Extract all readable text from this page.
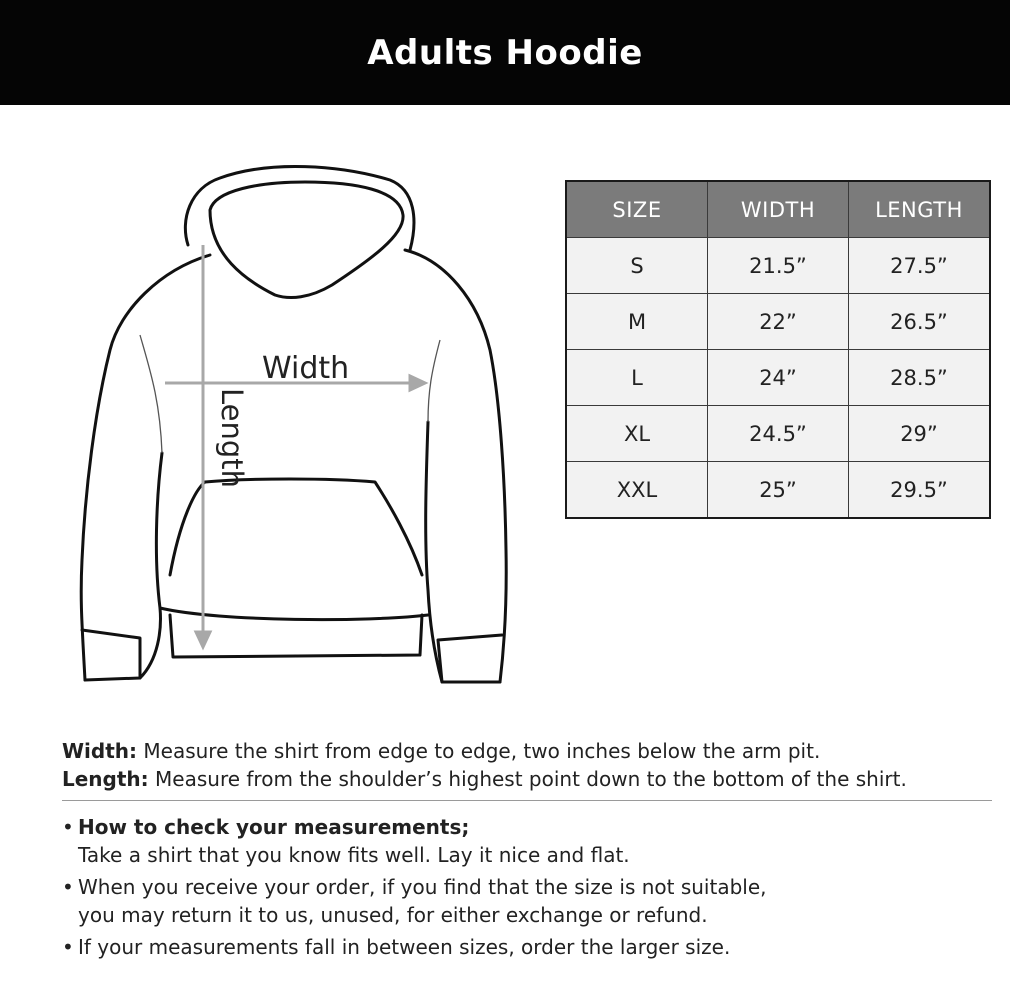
Adults Hoodie
Width
Length
SIZE	WIDTH	LENGTH
S	21.5”	27.5”
M	22”	26.5”
L	24”	28.5”
XL	24.5”	29”
XXL	25”	29.5”

Width: Measure the shirt from edge to edge, two inches below the arm pit.

Length: Measure from the shoulder’s highest point down to the bottom of the shirt.

• How to check your measurements;
Take a shirt that you know fits well. Lay it nice and flat.
• When you receive your order, if you find that the size is not suitable,
you may return it to us, unused, for either exchange or refund.
• If your measurements fall in between sizes, order the larger size.
